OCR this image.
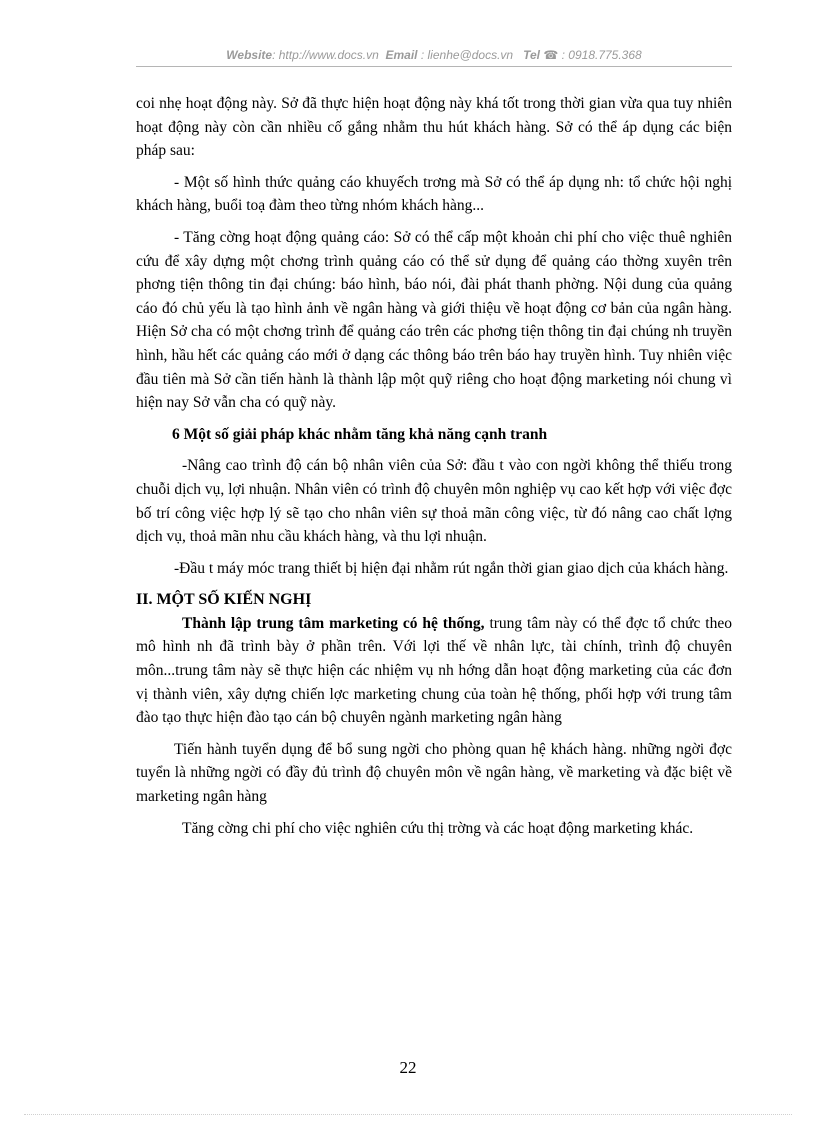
Website: http://www.docs.vn Email : lienhe@docs.vn Tel ☎ : 0918.775.368

coi nhẹ hoạt động này. Sở đã thực hiện hoạt động này khá tốt trong thời gian vừa qua tuy nhiên hoạt động này còn cần nhiều cố gắng nhằm thu hút khách hàng. Sở có thể áp dụng các biện pháp sau:

- Một số hình thức quảng cáo khuyếch trơng mà Sở có thể áp dụng nh: tổ chức hội nghị khách hàng, buổi toạ đàm theo từng nhóm khách hàng...

- Tăng cờng hoạt động quảng cáo: Sở có thể cấp một khoản chi phí cho việc thuê nghiên cứu để xây dựng một chơng trình quảng cáo có thể sử dụng để quảng cáo thờng xuyên trên phơng tiện thông tin đại chúng: báo hình, báo nói, đài phát thanh phờng. Nội dung của quảng cáo đó chủ yếu là tạo hình ảnh về ngân hàng và giới thiệu về hoạt động cơ bản của ngân hàng. Hiện Sở cha có một chơng trình để quảng cáo trên các phơng tiện thông tin đại chúng nh truyền hình, hầu hết các quảng cáo mới ở dạng các thông báo trên báo hay truyền hình. Tuy nhiên việc đầu tiên mà Sở cần tiến hành là thành lập một quỹ riêng cho hoạt động marketing nói chung vì hiện nay Sở vẫn cha có quỹ này.

6 Một số giải pháp khác nhằm tăng khả năng cạnh tranh

-Nâng cao trình độ cán bộ nhân viên của Sở: đầu t vào con ngời không thể thiếu trong chuỗi dịch vụ, lợi nhuận. Nhân viên có trình độ chuyên môn nghiệp vụ cao kết hợp với việc đợc bố trí công việc hợp lý sẽ tạo cho nhân viên sự thoả mãn công việc, từ đó nâng cao chất lợng dịch vụ, thoả mãn nhu cầu khách hàng, và thu lợi nhuận.

-Đầu t máy móc trang thiết bị hiện đại nhằm rút ngắn thời gian giao dịch của khách hàng.

II. MỘT SỐ KIẾN NGHỊ

Thành lập trung tâm marketing có hệ thống, trung tâm này có thể đợc tổ chức theo mô hình nh đã trình bày ở phần trên. Với lợi thế về nhân lực, tài chính, trình độ chuyên môn...trung tâm này sẽ thực hiện các nhiệm vụ nh hớng dẫn hoạt động marketing của các đơn vị thành viên, xây dựng chiến lợc marketing chung của toàn hệ thống, phối hợp với trung tâm đào tạo thực hiện đào tạo cán bộ chuyên ngành marketing ngân hàng

Tiến hành tuyển dụng để bổ sung ngời cho phòng quan hệ khách hàng. những ngời đợc tuyển là những ngời có đầy đủ trình độ chuyên môn về ngân hàng, về marketing và đặc biệt về marketing ngân hàng

Tăng cờng chi phí cho việc nghiên cứu thị trờng và các hoạt động marketing khác.

22
